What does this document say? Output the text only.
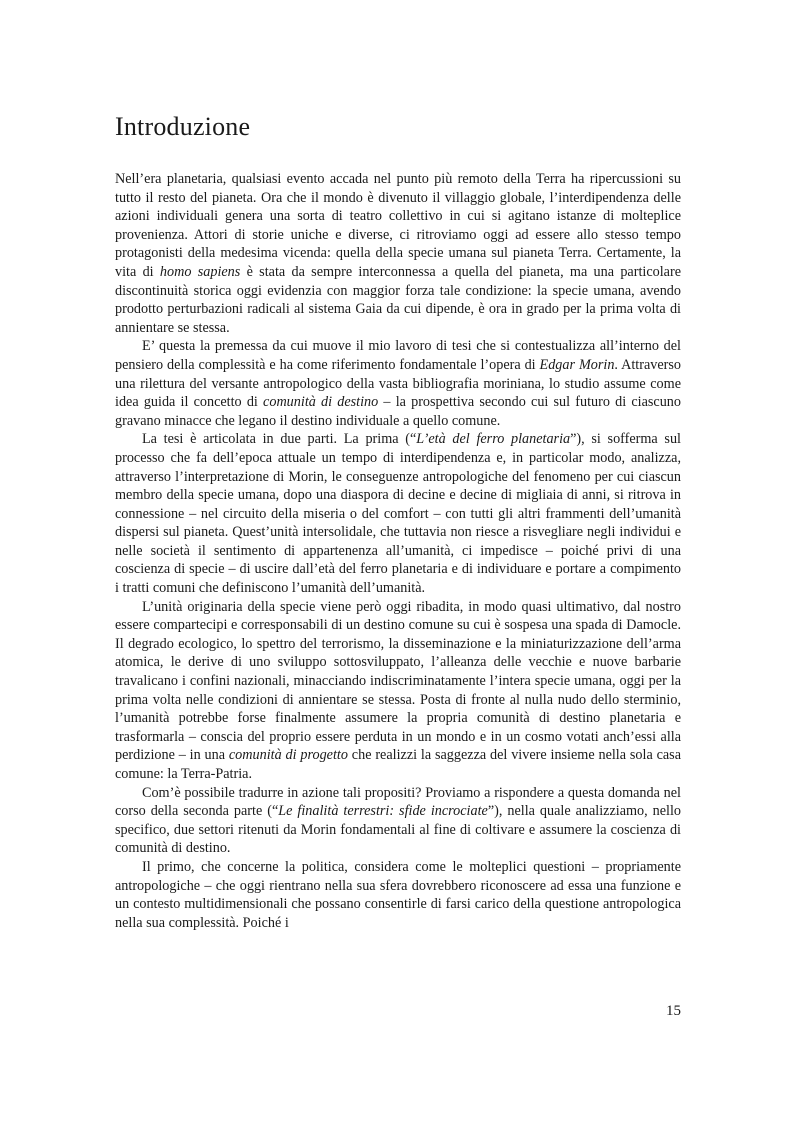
Introduzione

Nell’era planetaria, qualsiasi evento accada nel punto più remoto della Terra ha ripercussioni su tutto il resto del pianeta. Ora che il mondo è divenuto il villaggio globale, l’interdipendenza delle azioni individuali genera una sorta di teatro collettivo in cui si agitano istanze di molteplice provenienza. Attori di storie uniche e diverse, ci ritroviamo oggi ad essere allo stesso tempo protagonisti della medesima vicenda: quella della specie umana sul pianeta Terra. Certamente, la vita di homo sapiens è stata da sempre interconnessa a quella del pianeta, ma una particolare discontinuità storica oggi evidenzia con maggior forza tale condizione: la specie umana, avendo prodotto perturbazioni radicali al sistema Gaia da cui dipende, è ora in grado per la prima volta di annientare se stessa.

E’ questa la premessa da cui muove il mio lavoro di tesi che si contestualizza all’interno del pensiero della complessità e ha come riferimento fondamentale l’opera di Edgar Morin. Attraverso una rilettura del versante antropologico della vasta bibliografia moriniana, lo studio assume come idea guida il concetto di comunità di destino – la prospettiva secondo cui sul futuro di ciascuno gravano minacce che legano il destino individuale a quello comune.

La tesi è articolata in due parti. La prima (“L’età del ferro planetaria”), si sofferma sul processo che fa dell’epoca attuale un tempo di interdipendenza e, in particolar modo, analizza, attraverso l’interpretazione di Morin, le conseguenze antropologiche del fenomeno per cui ciascun membro della specie umana, dopo una diaspora di decine e decine di migliaia di anni, si ritrova in connessione – nel circuito della miseria o del comfort – con tutti gli altri frammenti dell’umanità dispersi sul pianeta. Quest’unità intersolidale, che tuttavia non riesce a risvegliare negli individui e nelle società il sentimento di appartenenza all’umanità, ci impedisce – poiché privi di una coscienza di specie – di uscire dall’età del ferro planetaria e di individuare e portare a compimento i tratti comuni che definiscono l’umanità dell’umanità.

L’unità originaria della specie viene però oggi ribadita, in modo quasi ultimativo, dal nostro essere compartecipi e corresponsabili di un destino comune su cui è sospesa una spada di Damocle. Il degrado ecologico, lo spettro del terrorismo, la disseminazione e la miniaturizzazione dell’arma atomica, le derive di uno sviluppo sottosviluppato, l’alleanza delle vecchie e nuove barbarie travalicano i confini nazionali, minacciando indiscriminatamente l’intera specie umana, oggi per la prima volta nelle condizioni di annientare se stessa. Posta di fronte al nulla nudo dello sterminio, l’umanità potrebbe forse finalmente assumere la propria comunità di destino planetaria e trasformarla – conscia del proprio essere perduta in un mondo e in un cosmo votati anch’essi alla perdizione – in una comunità di progetto che realizzi la saggezza del vivere insieme nella sola casa comune: la Terra-Patria.

Com’è possibile tradurre in azione tali propositi? Proviamo a rispondere a questa domanda nel corso della seconda parte (“Le finalità terrestri: sfide incrociate”), nella quale analizziamo, nello specifico, due settori ritenuti da Morin fondamentali al fine di coltivare e assumere la coscienza di comunità di destino.

Il primo, che concerne la politica, considera come le molteplici questioni – propriamente antropologiche – che oggi rientrano nella sua sfera dovrebbero riconoscere ad essa una funzione e un contesto multidimensionali che possano consentirle di farsi carico della questione antropologica nella sua complessità. Poiché i

15
